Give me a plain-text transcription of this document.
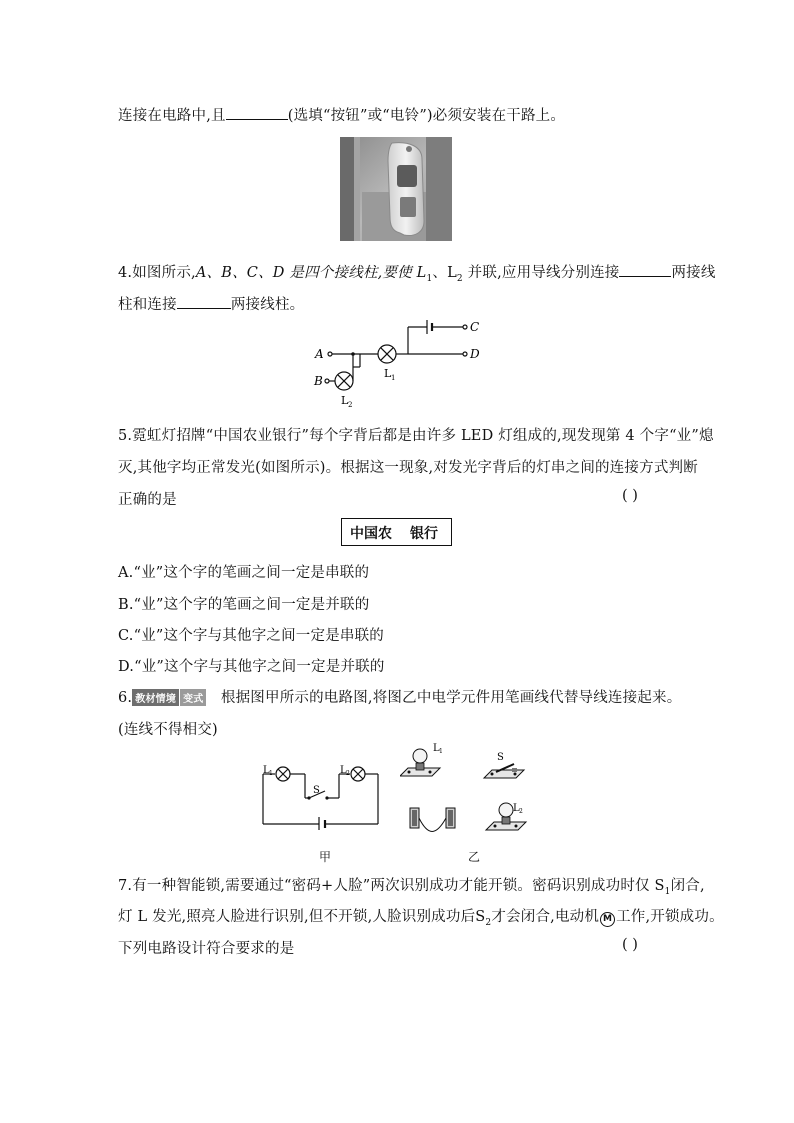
连接在电路中,且	(选填“按钮”或“电铃”)必须安装在干路上。
4.如图所示,A、B、C、D 是四个接线柱,要使 $L_1$、$L_2$ 并联,应用导线分别连接	两接线
柱和连接	两接线柱。
A
B
C
D
L 1
L 2
5.霓虹灯招牌“中国农业银行”每个字背后都是由许多 LED 灯组成的,现发现第 4 个字“业”熄
灭,其他字均正常发光(如图所示)。根据这一现象,对发光字背后的灯串之间的连接方式判断
正确的是	( )
中国农 银行
A.“业”这个字的笔画之间一定是串联的
B.“业”这个字的笔画之间一定是并联的
C.“业”这个字与其他字之间一定是串联的
D.“业”这个字与其他字之间一定是并联的
6. 教材情境 变式 根据图甲所示的电路图,将图乙中电学元件用笔画线代替导线连接起来。
(连线不得相交)
L 1	L 2
S
L 1
S
L 2
甲	乙
7.有一种智能锁,需要通过“密码+人脸”两次识别成功才能开锁。密码识别成功时仅 $S_1$闭合,
灯 L 发光,照亮人脸进行识别,但不开锁,人脸识别成功后$S_2$才会闭合,电动机 M 工作,开锁成功。
下列电路设计符合要求的是	( )
